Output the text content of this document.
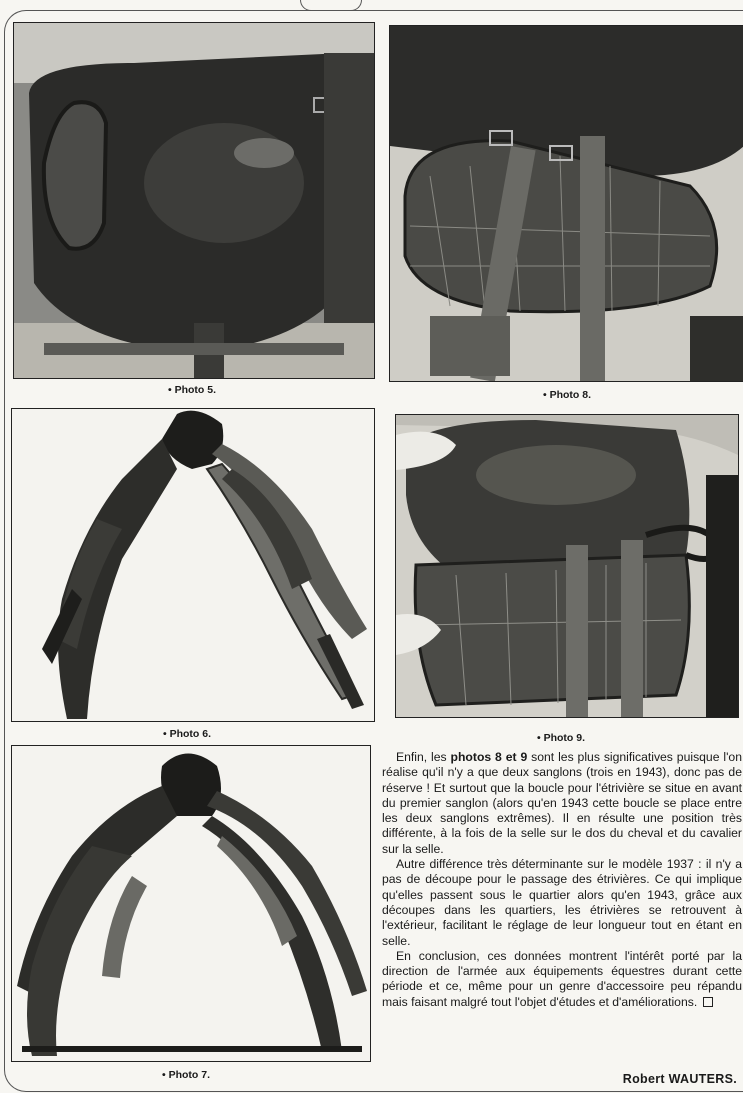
• Photo 5.	• Photo 8.
• Photo 6.	• Photo 9.
• Photo 7.

Enfin, les photos 8 et 9 sont les plus significatives puisque l'on réalise qu'il n'y a que deux sanglons (trois en 1943), donc pas de réserve ! Et surtout que la boucle pour l'étrivière se situe en avant du premier sanglon (alors qu'en 1943 cette boucle se place entre les deux sanglons extrêmes). Il en résulte une position très différente, à la fois de la selle sur le dos du cheval et du cavalier sur la selle.

Autre différence très déterminante sur le modèle 1937 : il n'y a pas de découpe pour le passage des étrivières. Ce qui implique qu'elles passent sous le quartier alors qu'en 1943, grâce aux découpes dans les quartiers, les étrivières se retrouvent à l'extérieur, facilitant le réglage de leur longueur tout en étant en selle.

En conclusion, ces données montrent l'intérêt porté par la direction de l'armée aux équipements équestres durant cette période et ce, même pour un genre d'accessoire peu répandu mais faisant malgré tout l'objet d'études et d'améliorations.

Robert WAUTERS.
